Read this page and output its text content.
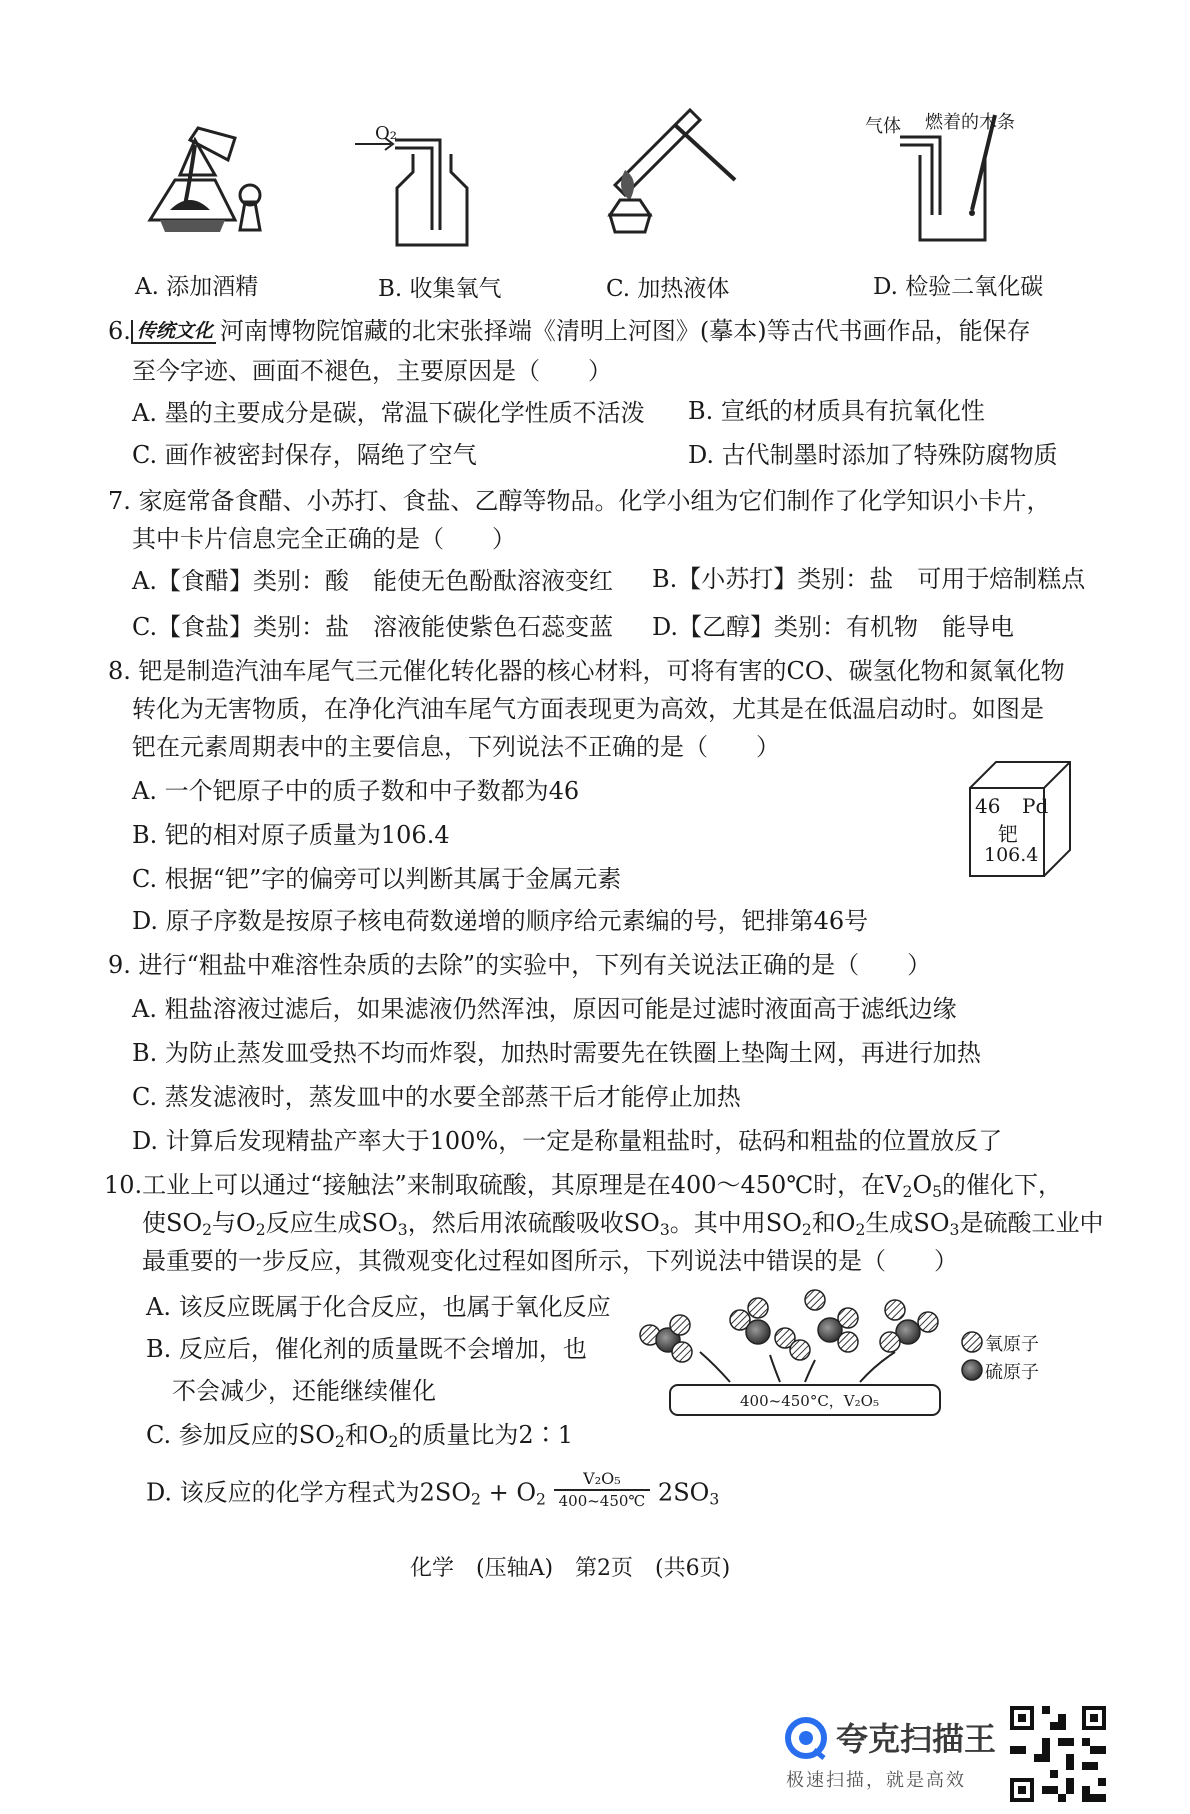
气体 燃着的木条
O₂
A. 添加酒精	B. 收集氧气	C. 加热液体	D. 检验二氧化碳
6. 传统文化 河南博物院馆藏的北宋张择端《清明上河图》(摹本)等古代书画作品，能保存
至今字迹、画面不褪色，主要原因是（　　）
A. 墨的主要成分是碳，常温下碳化学性质不活泼 B. 宣纸的材质具有抗氧化性
C. 画作被密封保存，隔绝了空气	D. 古代制墨时添加了特殊防腐物质
7. 家庭常备食醋、小苏打、食盐、乙醇等物品。化学小组为它们制作了化学知识小卡片，
其中卡片信息完全正确的是（　　）
A.【食醋】类别：酸　能使无色酚酞溶液变红 B.【小苏打】类别：盐　可用于焙制糕点
C.【食盐】类别：盐　溶液能使紫色石蕊变蓝 D.【乙醇】类别：有机物　能导电
8. 钯是制造汽油车尾气三元催化转化器的核心材料，可将有害的CO、碳氢化物和氮氧化物
转化为无害物质，在净化汽油车尾气方面表现更为高效，尤其是在低温启动时。如图是
钯在元素周期表中的主要信息，下列说法不正确的是（　　）
A. 一个钯原子中的质子数和中子数都为46
B. 钯的相对原子质量为106.4
C. 根据“钯”字的偏旁可以判断其属于金属元素
D. 原子序数是按原子核电荷数递增的顺序给元素编的号，钯排第46号
46 Pd
钯
106.4
9. 进行“粗盐中难溶性杂质的去除”的实验中，下列有关说法正确的是（　　）
A. 粗盐溶液过滤后，如果滤液仍然浑浊，原因可能是过滤时液面高于滤纸边缘
B. 为防止蒸发皿受热不均而炸裂，加热时需要先在铁圈上垫陶土网，再进行加热
C. 蒸发滤液时，蒸发皿中的水要全部蒸干后才能停止加热
D. 计算后发现精盐产率大于100%，一定是称量粗盐时，砝码和粗盐的位置放反了
10.工业上可以通过“接触法”来制取硫酸，其原理是在400～450℃时，在$V_2O_5$的催化下，
使$SO_2$与$O_2$反应生成$SO_3$，然后用浓硫酸吸收$SO_3$。其中用$SO_2$和$O_2$生成$SO_3$是硫酸工业中
最重要的一步反应，其微观变化过程如图所示，下列说法中错误的是（　　）
A. 该反应既属于化合反应，也属于氧化反应
B. 反应后，催化剂的质量既不会增加，也
不会减少，还能继续催化
C. 参加反应的$SO_2$和$O_2$的质量比为2∶1
D. 该反应的化学方程式为$2SO_2 + O_2 \frac{\text{V₂O₅}}{400\sim 450℃} 2SO_3$
400~450°C，V₂O₅
氧原子
硫原子
化学　(压轴A)　第2页　(共6页)
夸克扫描王
极速扫描，就是高效
